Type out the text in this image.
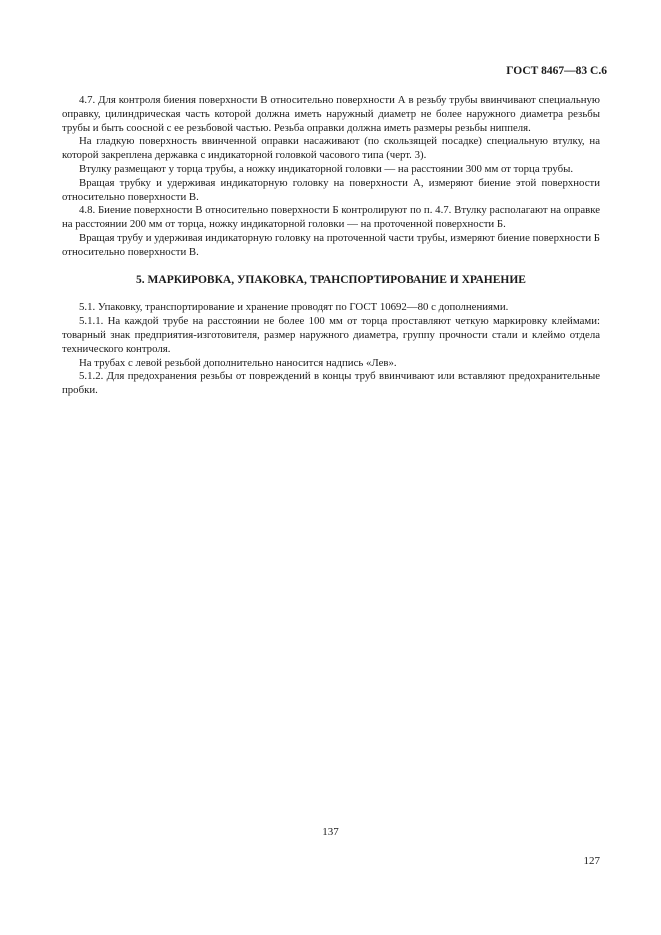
ГОСТ 8467—83 С.6

4.7. Для контроля биения поверхности В относительно поверхности А в резьбу трубы ввинчивают специальную оправку, цилиндрическая часть которой должна иметь наружный диаметр не более наружного диаметра резьбы трубы и быть соосной с ее резьбовой частью. Резьба оправки должна иметь размеры резьбы ниппеля.

На гладкую поверхность ввинченной оправки насаживают (по скользящей посадке) специальную втулку, на которой закреплена державка с индикаторной головкой часового типа (черт. 3).

Втулку размещают у торца трубы, а ножку индикаторной головки — на расстоянии 300 мм от торца трубы.

Вращая трубку и удерживая индикаторную головку на поверхности А, измеряют биение этой поверхности относительно поверхности В.

4.8. Биение поверхности В относительно поверхности Б контролируют по п. 4.7. Втулку располагают на оправке на расстоянии 200 мм от торца, ножку индикаторной головки — на проточенной поверхности Б.

Вращая трубу и удерживая индикаторную головку на проточенной части трубы, измеряют биение поверхности Б относительно поверхности В.

5. МАРКИРОВКА, УПАКОВКА, ТРАНСПОРТИРОВАНИЕ И ХРАНЕНИЕ

5.1. Упаковку, транспортирование и хранение проводят по ГОСТ 10692—80 с дополнениями.

5.1.1. На каждой трубе на расстоянии не более 100 мм от торца проставляют четкую маркировку клеймами: товарный знак предприятия-изготовителя, размер наружного диаметра, группу прочности стали и клеймо отдела технического контроля.

На трубах с левой резьбой дополнительно наносится надпись «Лев».

5.1.2. Для предохранения резьбы от повреждений в концы труб ввинчивают или вставляют предохранительные пробки.

137
127
